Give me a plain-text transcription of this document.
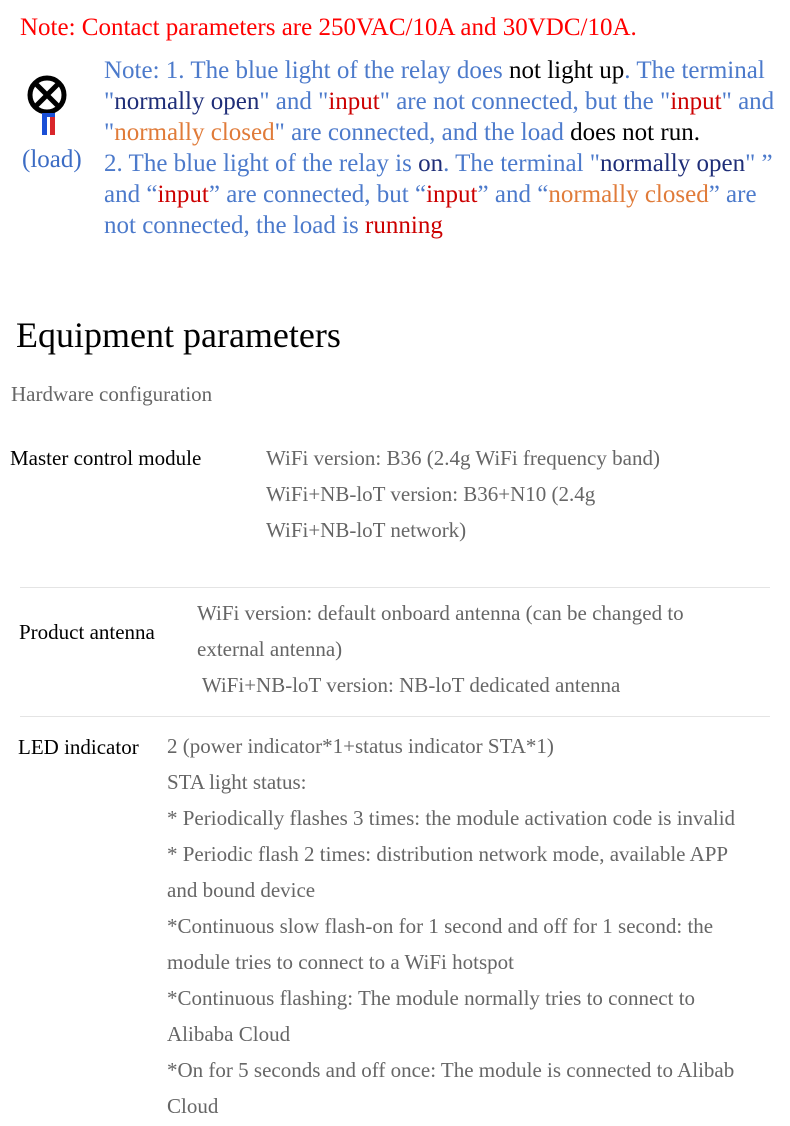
Note: Contact parameters are 250VAC/10A and 30VDC/10A.
(load)

Note: 1. The blue light of the relay does not light up. The terminal "normally open" and "input" are not connected, but the "input" and "normally closed" are connected, and the load does not run.

2. The blue light of the relay is on. The terminal "normally open" ” and “input” are connected, but “input” and “normally closed” are not connected, the load is running

Equipment parameters
Hardware configuration
Master control module	WiFi version: B36 (2.4g WiFi frequency band)
WiFi+NB-loT version: B36+N10 (2.4g
WiFi+NB-loT network)
Product antenna
WiFi version: default onboard antenna (can be changed to
external antenna)
WiFi+NB-loT version: NB-loT dedicated antenna
LED indicator 2 (power indicator*1+status indicator STA*1)
STA light status:
* Periodically flashes 3 times: the module activation code is invalid
* Periodic flash 2 times: distribution network mode, available APP
and bound device
*Continuous slow flash-on for 1 second and off for 1 second: the
module tries to connect to a WiFi hotspot
*Continuous flashing: The module normally tries to connect to
Alibaba Cloud
*On for 5 seconds and off once: The module is connected to Alibab
Cloud
